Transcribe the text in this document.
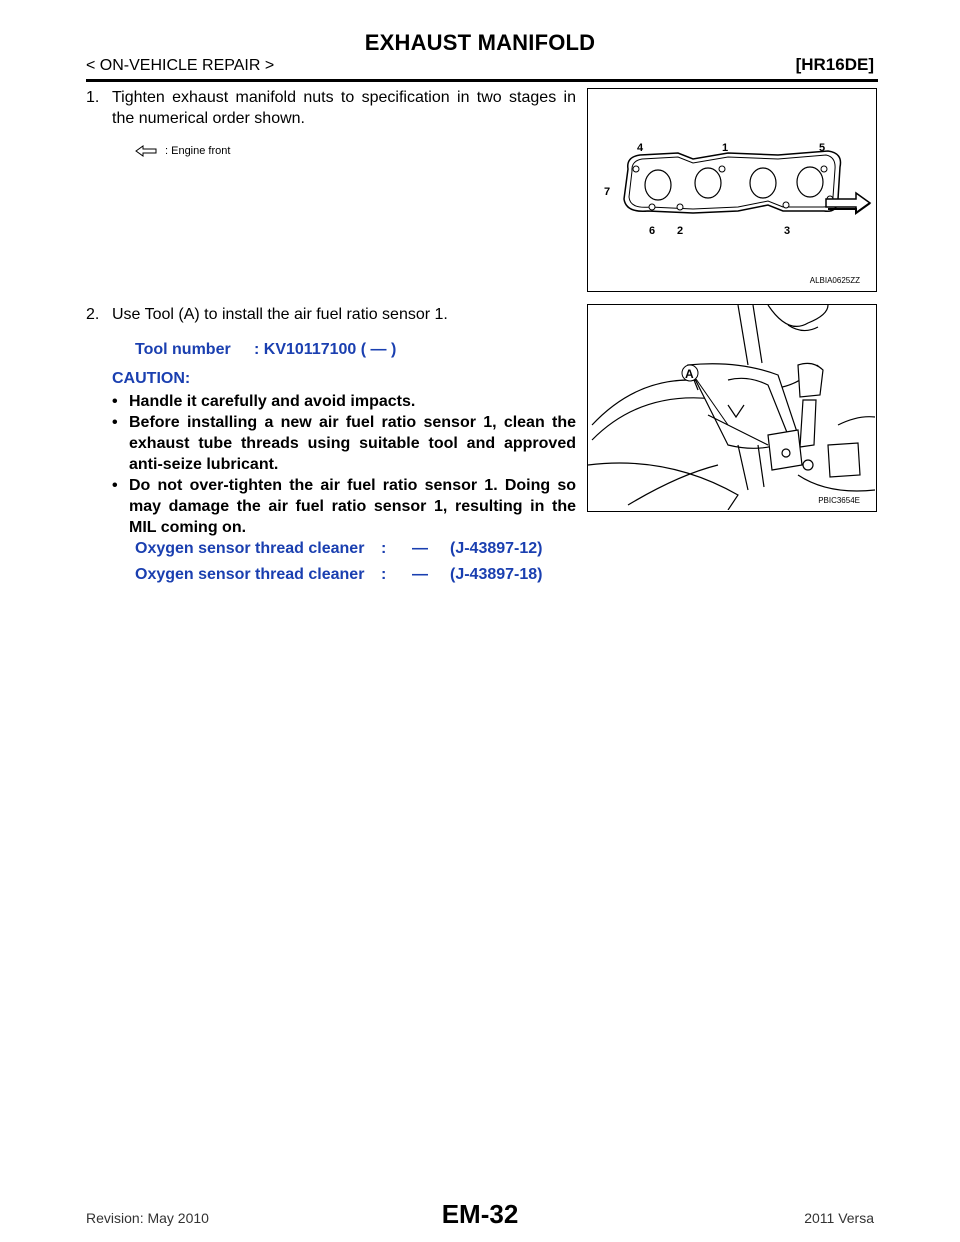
EXHAUST MANIFOLD
< ON-VEHICLE REPAIR >	[HR16DE]
1. Tighten exhaust manifold nuts to specification in two stages in the numerical order shown.
: Engine front	4	1	5
7
6 2	3
ALBIA0625ZZ
2. Use Tool (A) to install the air fuel ratio sensor 1.
Tool number : KV10117100 ( — )
CAUTION:
• Handle it carefully and avoid impacts.
• Before installing a new air fuel ratio sensor 1, clean the exhaust tube threads using suitable tool and approved anti-seize lubricant.
• Do not over-tighten the air fuel ratio sensor 1. Doing so may damage the air fuel ratio sensor 1, resulting in the MIL coming on.
A
PBIC3654E
Oxygen sensor thread cleaner : — (J-43897-12)
Oxygen sensor thread cleaner : — (J-43897-18)
Revision: May 2010	EM-32	2011 Versa
